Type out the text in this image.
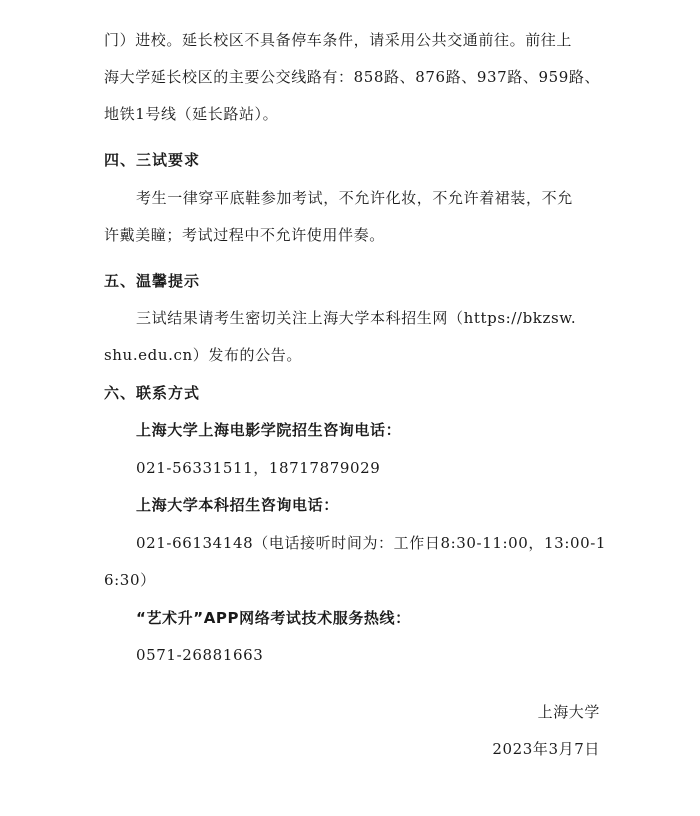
门）进校。延长校区不具备停车条件，请采用公共交通前往。前往上
海大学延长校区的主要公交线路有：858路、876路、937路、959路、
地铁1号线（延长路站）。
四、三试要求
考生一律穿平底鞋参加考试，不允许化妆，不允许着裙装，不允
许戴美瞳；考试过程中不允许使用伴奏。
五、温馨提示
三试结果请考生密切关注上海大学本科招生网（https://bkzsw.
shu.edu.cn）发布的公告。
六、联系方式
上海大学上海电影学院招生咨询电话：
021-56331511，18717879029
上海大学本科招生咨询电话：
021-66134148（电话接听时间为：工作日8:30-11:00，13:00-1
6:30）
“艺术升”APP网络考试技术服务热线：
0571-26881663
上海大学
2023年3月7日
